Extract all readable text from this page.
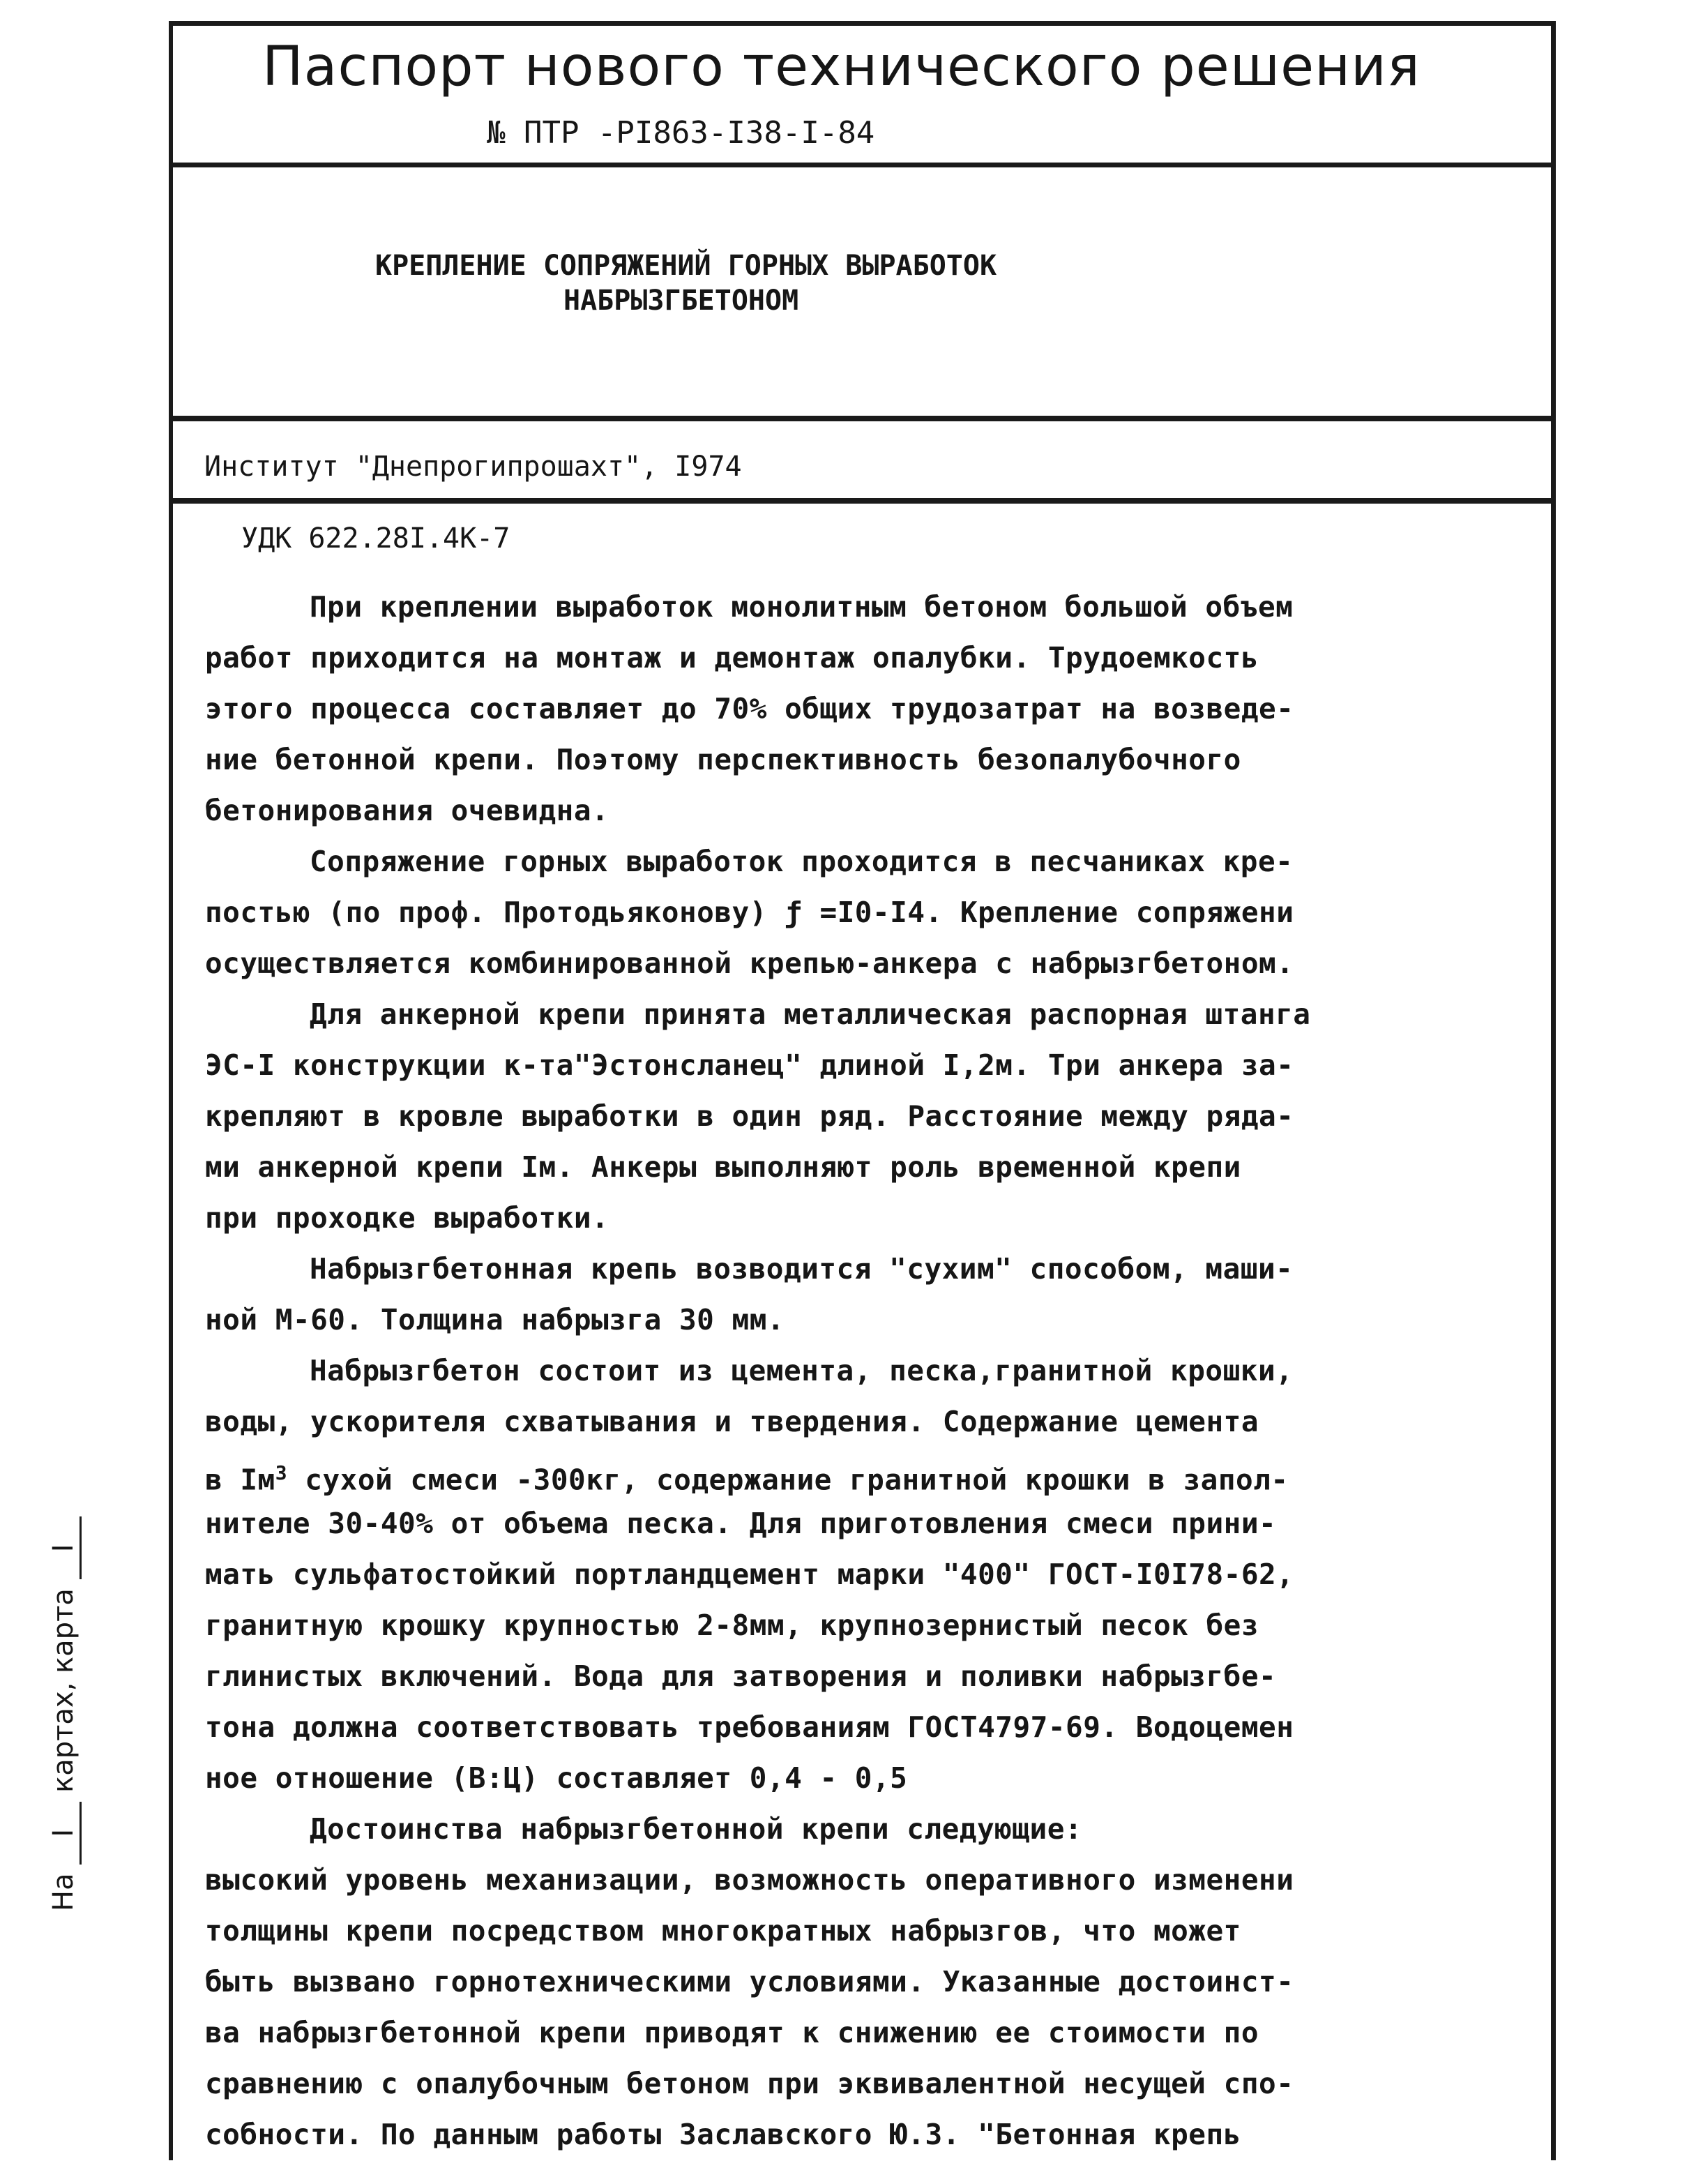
Паспорт нового технического решения
№ ПТР -PI863-I38-I-84
КРЕПЛЕНИЕ СОПРЯЖЕНИЙ ГОРНЫХ ВЫРАБОТОК
НАБРЫЗГБЕТОНОМ
Институт "Днепрогипрошахт", I974
УДК 622.28I.4К-7
При креплении выработок монолитным бетоном большой объем
работ приходится на монтаж и демонтаж опалубки. Трудоемкость
этого процесса составляет до 70% общих трудозатрат на возведе-
ние бетонной крепи. Поэтому перспективность безопалубочного
бетонирования очевидна.
Сопряжение горных выработок проходится в песчаниках кре-
постью (по проф. Протодьяконову) ƒ =I0-I4. Крепление сопряжени
осуществляется комбинированной крепью-анкера с набрызгбетоном.
Для анкерной крепи принята металлическая распорная штанга
ЭС-I конструкции к-та"Эстонсланец" длиной I,2м. Три анкера за-
крепляют в кровле выработки в один ряд. Расстояние между рядa-
ми анкерной крепи Iм. Анкеры выполняют роль временной крепи
при проходке выработки.
Набрызгбетонная крепь возводится "сухим" способом, маши-
ной М-60. Толщина набрызга 30 мм.
Набрызгбетон состоит из цемента, песка,гранитной крошки,
воды, ускорителя схватывания и твердения. Содержание цемента
в $Iм^3$ сухой смеси -300кг, содержание гранитной крошки в запол-
нителе 30-40% от объема песка. Для приготовления смеси прини-
мать сульфатостойкий портландцемент марки "400" ГОСТ-I0I78-62,
гранитную крошку крупностью 2-8мм, крупнозернистый песок без
глинистых включений. Вода для затворения и поливки набрызгбе-
тона должна соответствовать требованиям ГОСТ4797-69. Водоцемен
ное отношение (В:Ц) составляет 0,4 - 0,5
Достоинства набрызгбетонной крепи следующие:
высокий уровень механизации, возможность оперативного изменени
толщины крепи посредством многократных набрызгов, что может
быть вызвано горнотехническими условиями. Указанные достоинст-
ва набрызгбетонной крепи приводят к снижению ее стоимости по
сравнению с опалубочным бетоном при эквивалентной несущей спо-
собности. По данным работы Заславского Ю.З. "Бетонная крепь
На I картах, карта I
